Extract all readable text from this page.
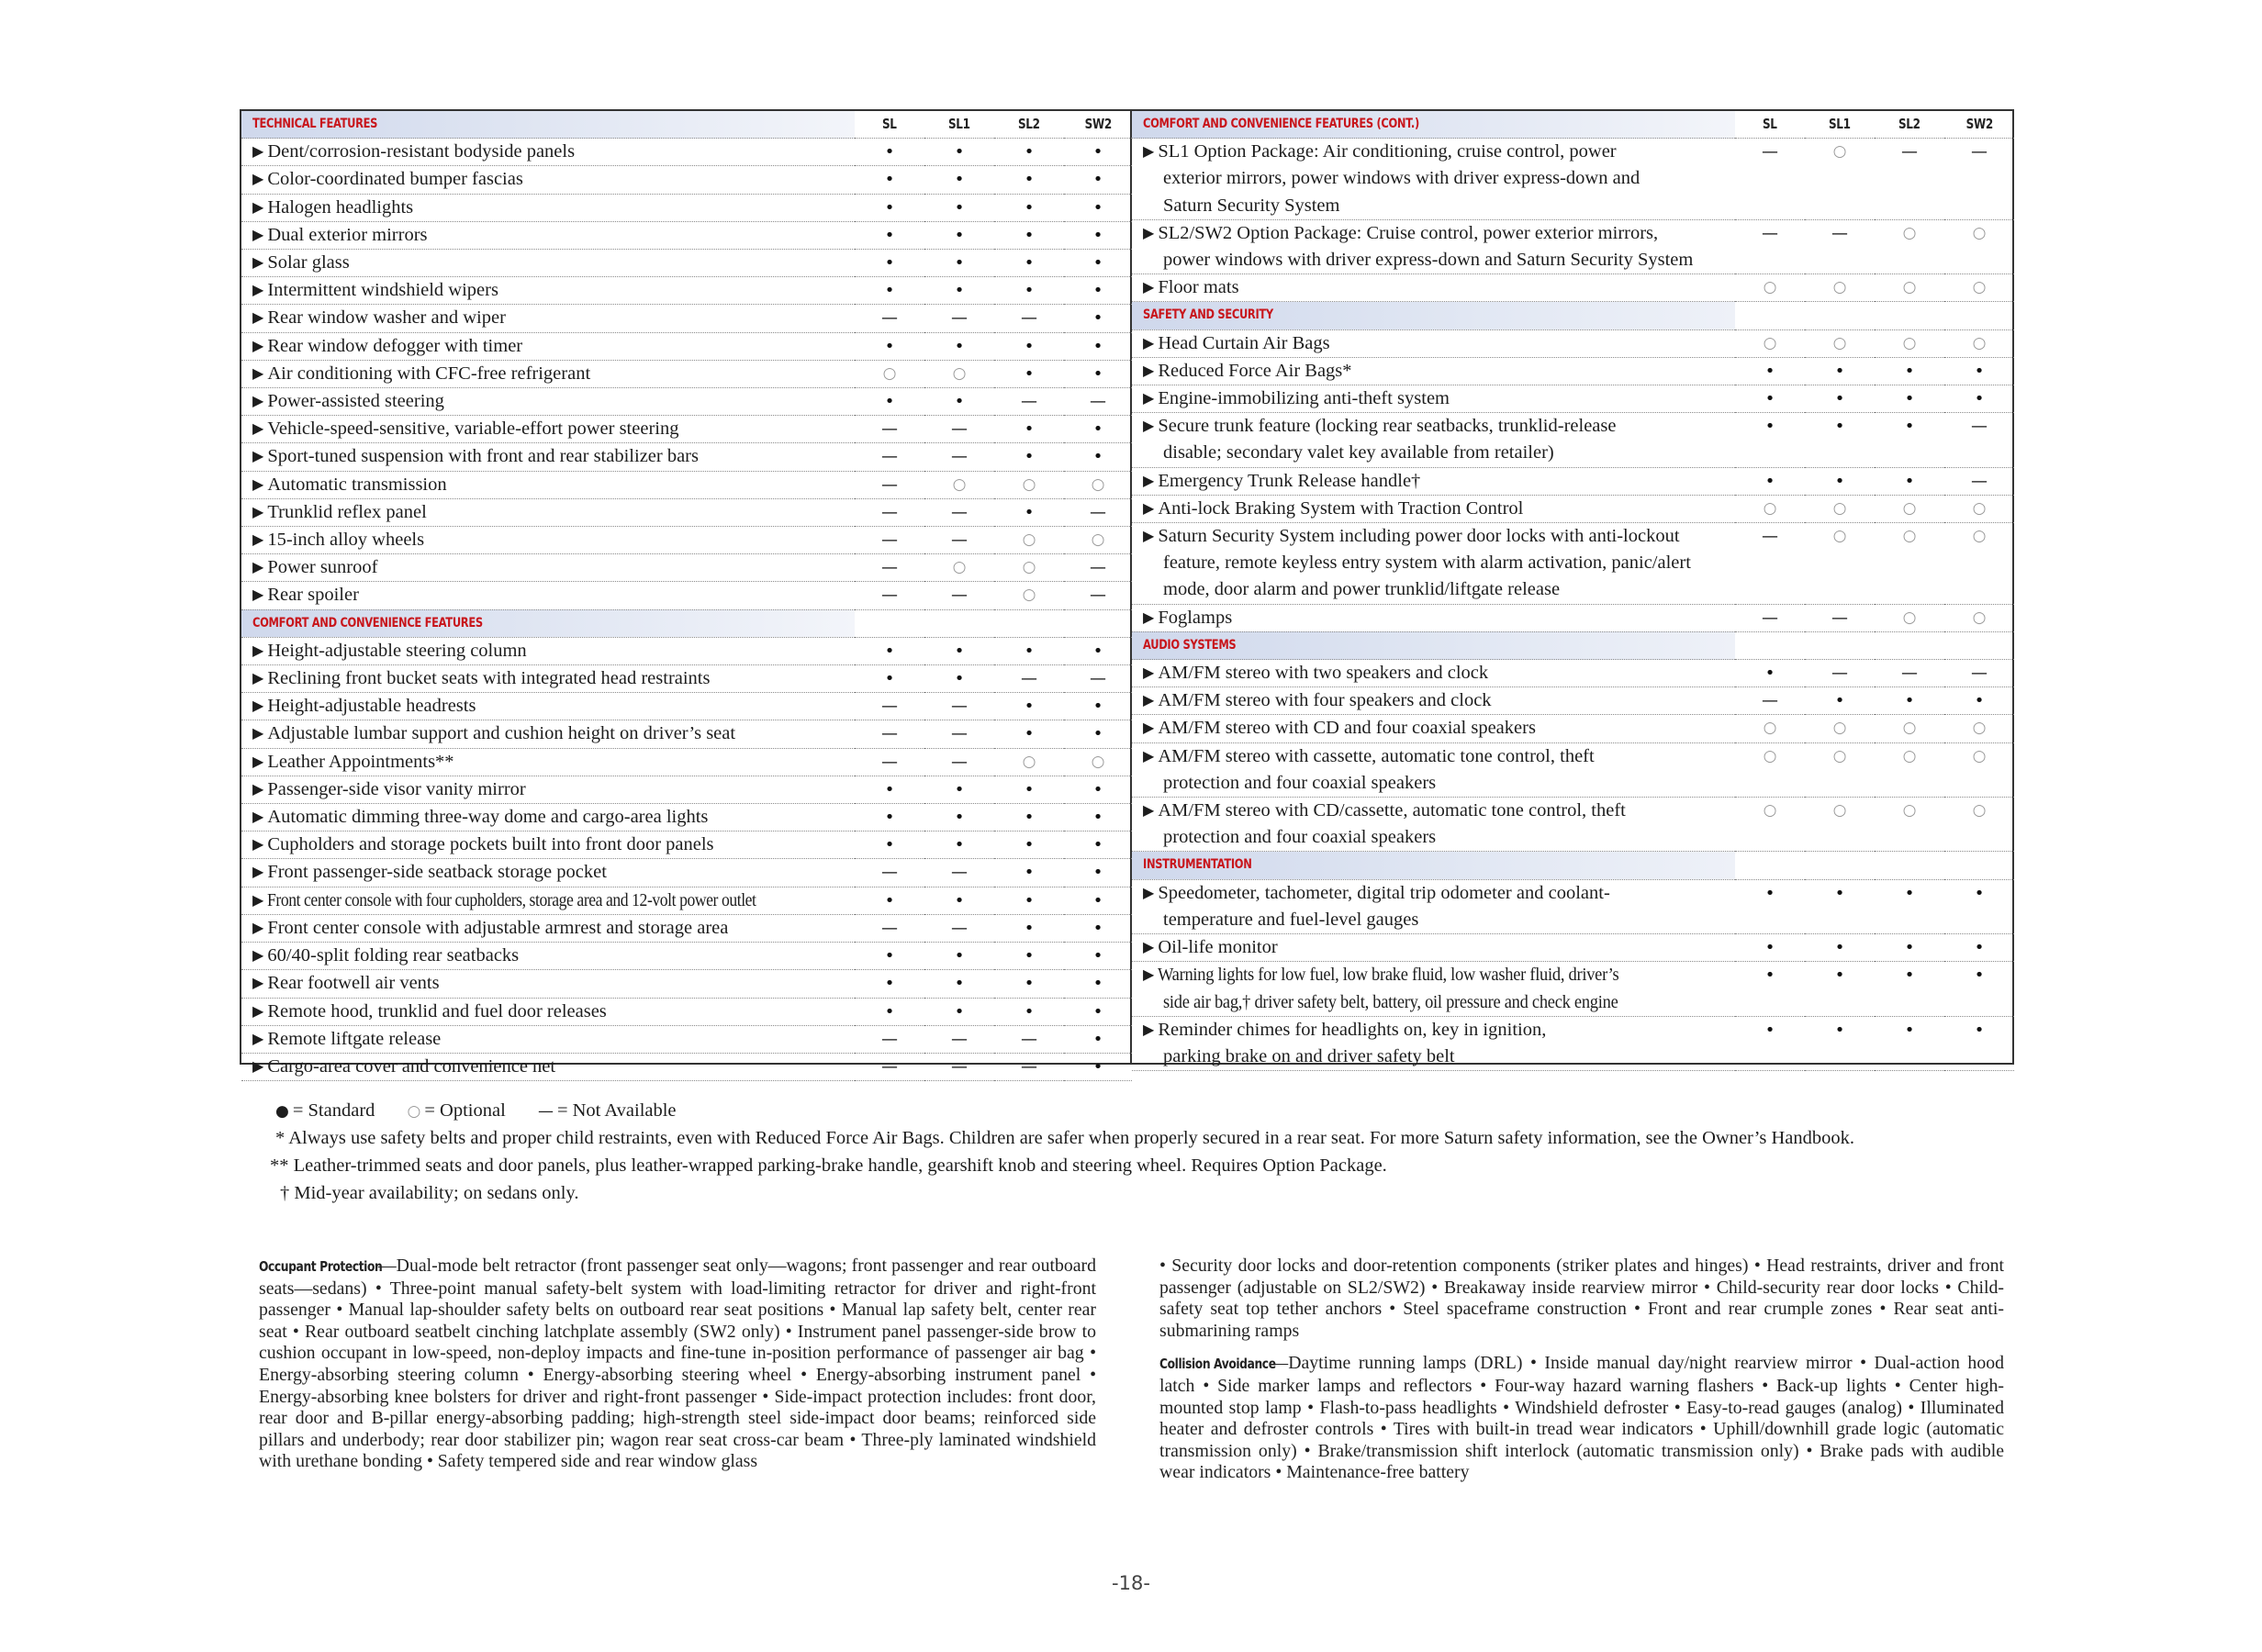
TECHNICAL FEATURES	SL	SL1	SL2	SW2
▶ Dent/corrosion-resistant bodyside panels	•	•	•	•
▶ Color-coordinated bumper fascias	•	•	•	•
▶ Halogen headlights	•	•	•	•
▶ Dual exterior mirrors	•	•	•	•
▶ Solar glass	•	•	•	•
▶ Intermittent windshield wipers	•	•	•	•
▶ Rear window washer and wiper	—	—	—	•
▶ Rear window defogger with timer	•	•	•	•
▶ Air conditioning with CFC-free refrigerant	○	○	•	•
▶ Power-assisted steering	•	•	—	—
▶ Vehicle-speed-sensitive, variable-effort power steering	—	—	•	•
▶ Sport-tuned suspension with front and rear stabilizer bars	—	—	•	•
▶ Automatic transmission	—	○	○	○
▶ Trunklid reflex panel	—	—	•	—
▶ 15-inch alloy wheels	—	—	○	○
▶ Power sunroof	—	○	○	—
▶ Rear spoiler	—	—	○	—
COMFORT AND CONVENIENCE FEATURES				
▶ Height-adjustable steering column	•	•	•	•
▶ Reclining front bucket seats with integrated head restraints	•	•	—	—
▶ Height-adjustable headrests	—	—	•	•
▶ Adjustable lumbar support and cushion height on driver’s seat	—	—	•	•
▶ Leather Appointments**	—	—	○	○
▶ Passenger-side visor vanity mirror	•	•	•	•
▶ Automatic dimming three-way dome and cargo-area lights	•	•	•	•
▶ Cupholders and storage pockets built into front door panels	•	•	•	•
▶ Front passenger-side seatback storage pocket	—	—	•	•
▶ Front center console with four cupholders, storage area and 12-volt power outlet	•	•	•	•
▶ Front center console with adjustable armrest and storage area	—	—	•	•
▶ 60/40-split folding rear seatbacks	•	•	•	•
▶ Rear footwell air vents	•	•	•	•
▶ Remote hood, trunklid and fuel door releases	•	•	•	•
▶ Remote liftgate release	—	—	—	•
▶ Cargo-area cover and convenience net	—	—	—	•
COMFORT AND CONVENIENCE FEATURES (CONT.)	SL	SL1	SL2	SW2
▶ SL1 Option Package: Air conditioning, cruise control, power	—	○	—	—
exterior mirrors, power windows with driver express-down and				
Saturn Security System				
▶ SL2/SW2 Option Package: Cruise control, power exterior mirrors,	—	—	○	○
power windows with driver express-down and Saturn Security System				
▶ Floor mats	○	○	○	○
SAFETY AND SECURITY				
▶ Head Curtain Air Bags	○	○	○	○
▶ Reduced Force Air Bags*	•	•	•	•
▶ Engine-immobilizing anti-theft system	•	•	•	•
▶ Secure trunk feature (locking rear seatbacks, trunklid-release	•	•	•	—
disable; secondary valet key available from retailer)				
▶ Emergency Trunk Release handle†	•	•	•	—
▶ Anti-lock Braking System with Traction Control	○	○	○	○
▶ Saturn Security System including power door locks with anti-lockout	—	○	○	○
feature, remote keyless entry system with alarm activation, panic/alert				
mode, door alarm and power trunklid/liftgate release				
▶ Foglamps	—	—	○	○
AUDIO SYSTEMS				
▶ AM/FM stereo with two speakers and clock	•	—	—	—
▶ AM/FM stereo with four speakers and clock	—	•	•	•
▶ AM/FM stereo with CD and four coaxial speakers	○	○	○	○
▶ AM/FM stereo with cassette, automatic tone control, theft	○	○	○	○
protection and four coaxial speakers				
▶ AM/FM stereo with CD/cassette, automatic tone control, theft	○	○	○	○
protection and four coaxial speakers				
INSTRUMENTATION				
▶ Speedometer, tachometer, digital trip odometer and coolant-	•	•	•	•
temperature and fuel-level gauges				
▶ Oil-life monitor	•	•	•	•
▶ Warning lights for low fuel, low brake fluid, low washer fluid, driver’s	•	•	•	•
side air bag,† driver safety belt, battery, oil pressure and check engine				
▶ Reminder chimes for headlights on, key in ignition,	•	•	•	•
parking brake on and driver safety belt				
● = Standard ○ = Optional — = Not Available
* Always use safety belts and proper child restraints, even with Reduced Force Air Bags. Children are safer when properly secured in a rear seat. For more Saturn safety information, see the Owner’s Handbook.
** Leather-trimmed seats and door panels, plus leather-wrapped parking-brake handle, gearshift knob and steering wheel. Requires Option Package.
† Mid-year availability; on sedans only.

Occupant Protection—Dual-mode belt retractor (front passenger seat only—wagons; front passenger and rear outboard seats—sedans) • Three-point manual safety-belt system with load-limiting retractor for driver and right-front passenger • Manual lap-shoulder safety belts on outboard rear seat positions • Manual lap safety belt, center rear seat • Rear outboard seatbelt cinching latchplate assembly (SW2 only) • Instrument panel passenger-side brow to cushion occupant in low-speed, non-deploy impacts and fine-tune in-position performance of passenger air bag • Energy-absorbing steering column • Energy-absorbing steering wheel • Energy-absorbing instrument panel • Energy-absorbing knee bolsters for driver and right-front passenger • Side-impact protection includes: front door, rear door and B-pillar energy-absorbing padding; high-strength steel side-impact door beams; reinforced side pillars and underbody; rear door stabilizer pin; wagon rear seat cross-car beam • Three-ply laminated windshield with urethane bonding • Safety tempered side and rear window glass

• Security door locks and door-retention components (striker plates and hinges) • Head restraints, driver and front passenger (adjustable on SL2/SW2) • Breakaway inside rearview mirror • Child-security rear door locks • Child-safety seat top tether anchors • Steel spaceframe construction • Front and rear crumple zones • Rear seat anti-submarining ramps

Collision Avoidance—Daytime running lamps (DRL) • Inside manual day/night rearview mirror • Dual-action hood latch • Side marker lamps and reflectors • Four-way hazard warning flashers • Back-up lights • Center high-mounted stop lamp • Flash-to-pass headlights • Windshield defroster • Easy-to-read gauges (analog) • Illuminated heater and defroster controls • Tires with built-in tread wear indicators • Uphill/downhill grade logic (automatic transmission only) • Brake/transmission shift interlock (automatic transmission only) • Brake pads with audible wear indicators • Maintenance-free battery

-18-
